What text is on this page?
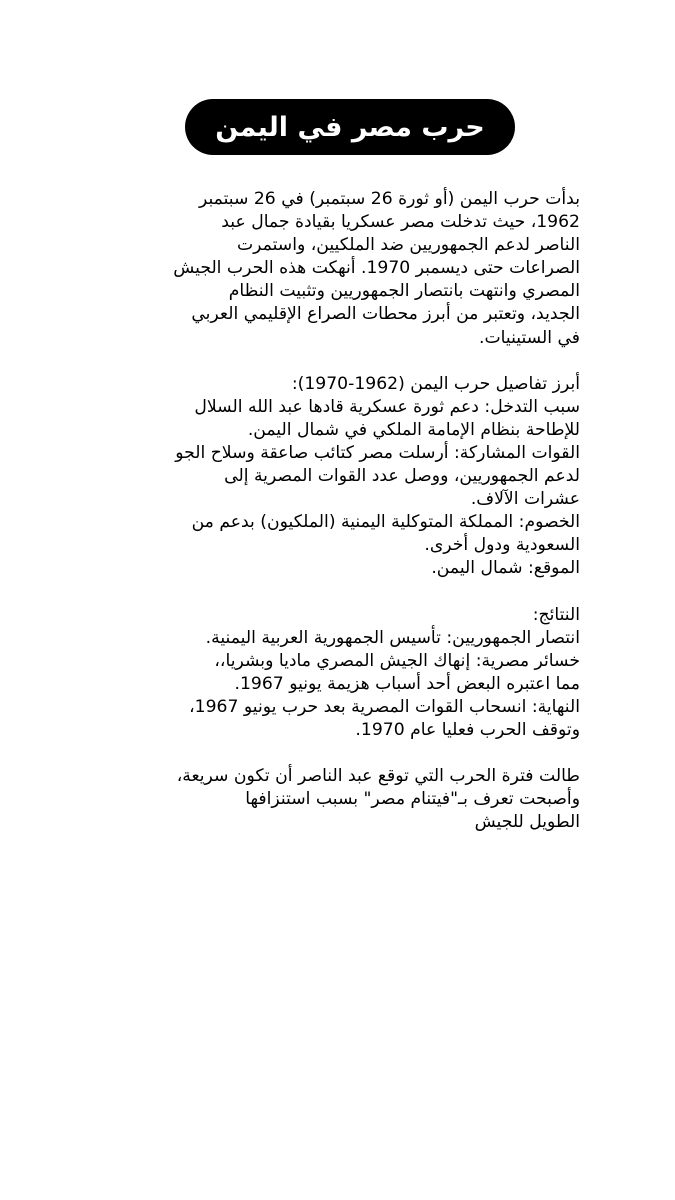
حرب مصر في اليمن
بدأت حرب اليمن (أو ثورة 26 سبتمبر) في 26 سبتمبر
1962، حيث تدخلت مصر عسكريا بقيادة جمال عبد
الناصر لدعم الجمهوريين ضد الملكيين، واستمرت
الصراعات حتى ديسمبر 1970. أنهكت هذه الحرب الجيش
المصري وانتهت بانتصار الجمهوريين وتثبيت النظام
الجديد، وتعتبر من أبرز محطات الصراع الإقليمي العربي
في الستينيات.
أبرز تفاصيل حرب اليمن (1962-1970):
سبب التدخل: دعم ثورة عسكرية قادها عبد الله السلال
للإطاحة بنظام الإمامة الملكي في شمال اليمن.
القوات المشاركة: أرسلت مصر كتائب صاعقة وسلاح الجو
لدعم الجمهوريين، ووصل عدد القوات المصرية إلى
عشرات الآلاف.
الخصوم: المملكة المتوكلية اليمنية (الملكيون) بدعم من
السعودية ودول أخرى.
الموقع: شمال اليمن.
النتائج:
انتصار الجمهوريين: تأسيس الجمهورية العربية اليمنية.
خسائر مصرية: إنهاك الجيش المصري ماديا وبشريا،،
مما اعتبره البعض أحد أسباب هزيمة يونيو 1967.
النهاية: انسحاب القوات المصرية بعد حرب يونيو 1967،
وتوقف الحرب فعليا عام 1970.
طالت فترة الحرب التي توقع عبد الناصر أن تكون سريعة،
وأصبحت تعرف بـ"فيتنام مصر" بسبب استنزافها
الطويل للجيش
